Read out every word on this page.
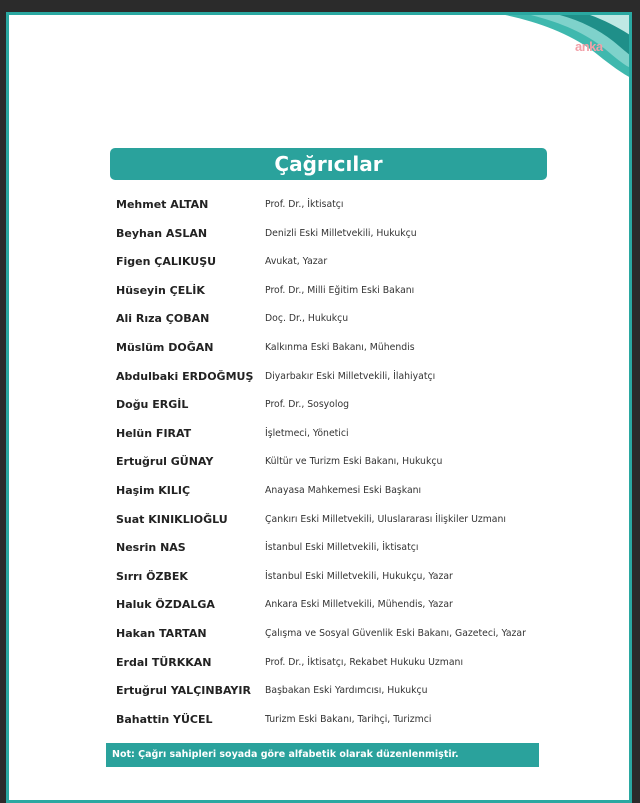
anka
Çağrıcılar
Mehmet ALTAN	Prof. Dr., İktisatçı
Beyhan ASLAN	Denizli Eski Milletvekili, Hukukçu
Figen ÇALIKUŞU	Avukat, Yazar
Hüseyin ÇELİK	Prof. Dr., Milli Eğitim Eski Bakanı
Ali Rıza ÇOBAN	Doç. Dr., Hukukçu
Müslüm DOĞAN	Kalkınma Eski Bakanı, Mühendis
Abdulbaki ERDOĞMUŞ Diyarbakır Eski Milletvekili, İlahiyatçı
Doğu ERGİL	Prof. Dr., Sosyolog
Helün FIRAT	İşletmeci, Yönetici
Ertuğrul GÜNAY	Kültür ve Turizm Eski Bakanı, Hukukçu
Haşim KILIÇ	Anayasa Mahkemesi Eski Başkanı
Suat KINIKLIOĞLU	Çankırı Eski Milletvekili, Uluslararası İlişkiler Uzmanı
Nesrin NAS	İstanbul Eski Milletvekili, İktisatçı
Sırrı ÖZBEK	İstanbul Eski Milletvekili, Hukukçu, Yazar
Haluk ÖZDALGA	Ankara Eski Milletvekili, Mühendis, Yazar
Hakan TARTAN	Çalışma ve Sosyal Güvenlik Eski Bakanı, Gazeteci, Yazar
Erdal TÜRKKAN	Prof. Dr., İktisatçı, Rekabet Hukuku Uzmanı
Ertuğrul YALÇINBAYIR Başbakan Eski Yardımcısı, Hukukçu
Bahattin YÜCEL	Turizm Eski Bakanı, Tarihçi, Turizmci
Not: Çağrı sahipleri soyada göre alfabetik olarak düzenlenmiştir.
